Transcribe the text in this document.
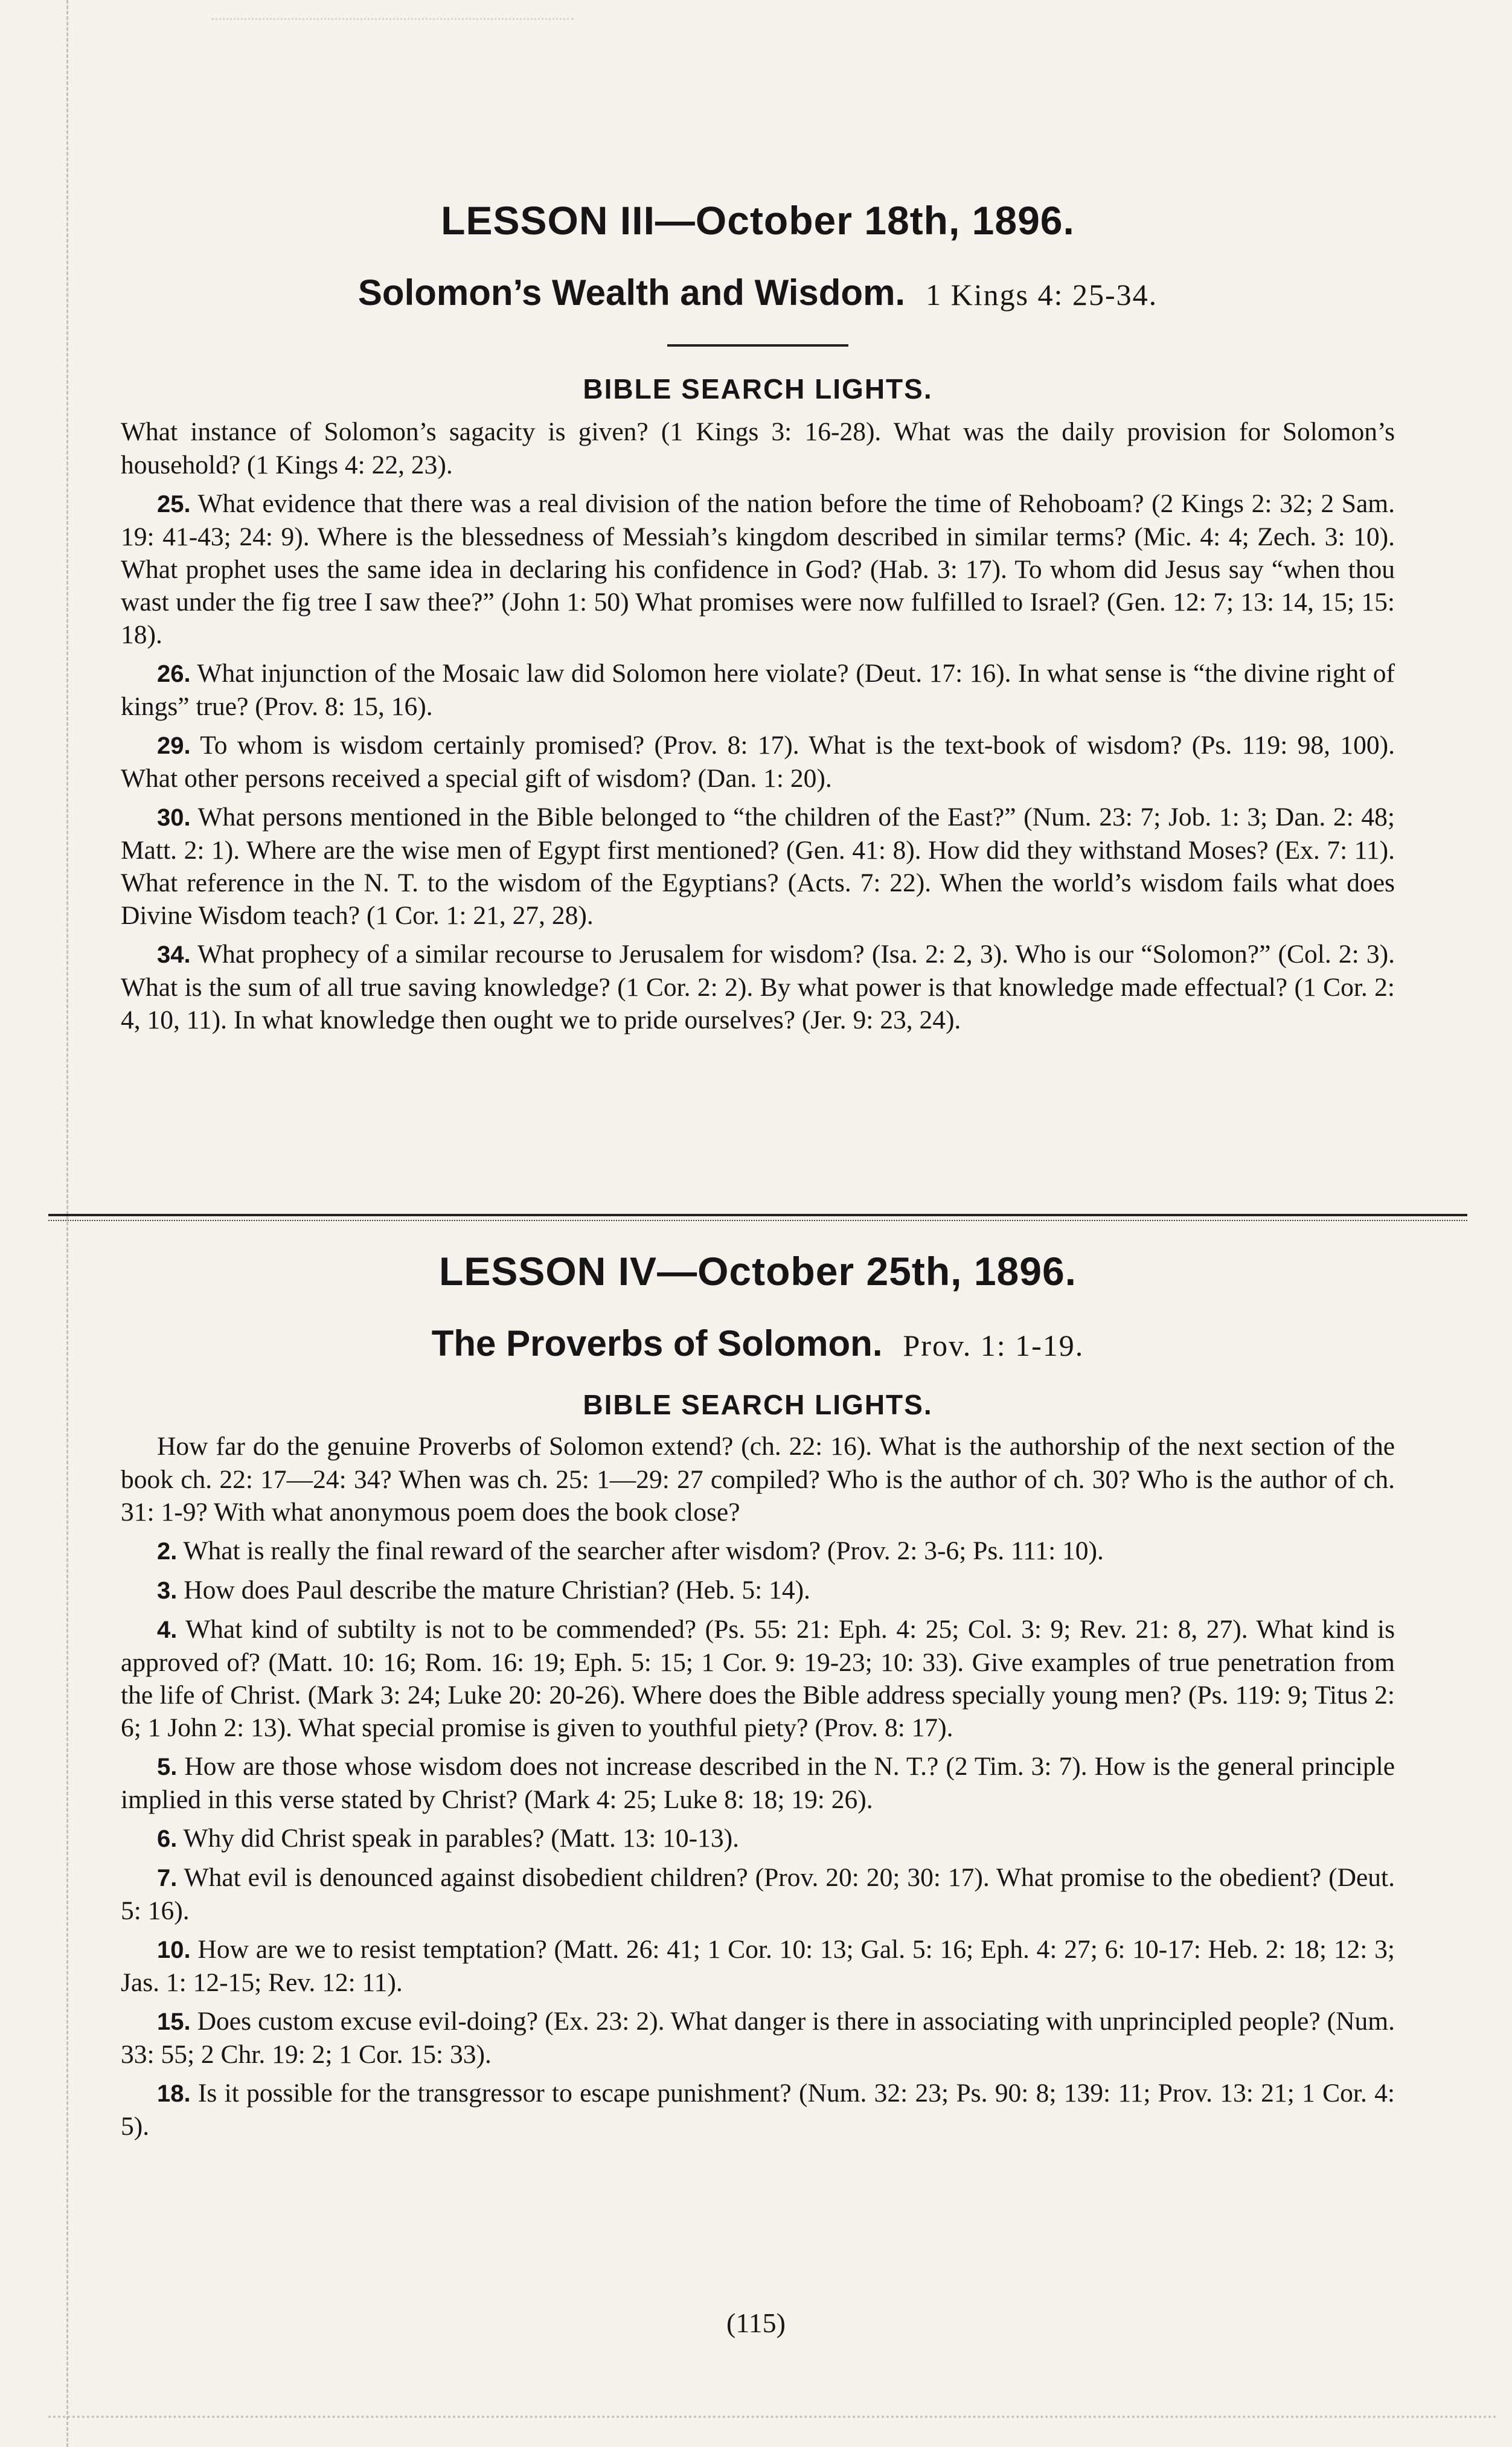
LESSON III—October 18th, 1896.
Solomon’s Wealth and Wisdom. 1 Kings 4: 25-34.
BIBLE SEARCH LIGHTS.

What instance of Solomon’s sagacity is given? (1 Kings 3: 16-28). What was the daily provision for Solomon’s household? (1 Kings 4: 22, 23).

25. What evidence that there was a real division of the nation before the time of Rehoboam? (2 Kings 2: 32; 2 Sam. 19: 41-43; 24: 9). Where is the blessedness of Messiah’s kingdom described in similar terms? (Mic. 4: 4; Zech. 3: 10). What prophet uses the same idea in declaring his confidence in God? (Hab. 3: 17). To whom did Jesus say “when thou wast under the fig tree I saw thee?” (John 1: 50) What promises were now fulfilled to Israel? (Gen. 12: 7; 13: 14, 15; 15: 18).

26. What injunction of the Mosaic law did Solomon here violate? (Deut. 17: 16). In what sense is “the divine right of kings” true? (Prov. 8: 15, 16).

29. To whom is wisdom certainly promised? (Prov. 8: 17). What is the text-book of wisdom? (Ps. 119: 98, 100). What other persons received a special gift of wisdom? (Dan. 1: 20).

30. What persons mentioned in the Bible belonged to “the children of the East?” (Num. 23: 7; Job. 1: 3; Dan. 2: 48; Matt. 2: 1). Where are the wise men of Egypt first mentioned? (Gen. 41: 8). How did they withstand Moses? (Ex. 7: 11). What reference in the N. T. to the wisdom of the Egyptians? (Acts. 7: 22). When the world’s wisdom fails what does Divine Wisdom teach? (1 Cor. 1: 21, 27, 28).

34. What prophecy of a similar recourse to Jerusalem for wisdom? (Isa. 2: 2, 3). Who is our “Solomon?” (Col. 2: 3). What is the sum of all true saving knowledge? (1 Cor. 2: 2). By what power is that knowledge made effectual? (1 Cor. 2: 4, 10, 11). In what knowledge then ought we to pride ourselves? (Jer. 9: 23, 24).

LESSON IV—October 25th, 1896.
The Proverbs of Solomon. Prov. 1: 1-19.
BIBLE SEARCH LIGHTS.

How far do the genuine Proverbs of Solomon extend? (ch. 22: 16). What is the authorship of the next section of the book ch. 22: 17—24: 34? When was ch. 25: 1—29: 27 compiled? Who is the author of ch. 30? Who is the author of ch. 31: 1-9? With what anonymous poem does the book close?

2. What is really the final reward of the searcher after wisdom? (Prov. 2: 3-6; Ps. 111: 10).

3. How does Paul describe the mature Christian? (Heb. 5: 14).

4. What kind of subtilty is not to be commended? (Ps. 55: 21: Eph. 4: 25; Col. 3: 9; Rev. 21: 8, 27). What kind is approved of? (Matt. 10: 16; Rom. 16: 19; Eph. 5: 15; 1 Cor. 9: 19-23; 10: 33). Give examples of true penetration from the life of Christ. (Mark 3: 24; Luke 20: 20-26). Where does the Bible address specially young men? (Ps. 119: 9; Titus 2: 6; 1 John 2: 13). What special promise is given to youthful piety? (Prov. 8: 17).

5. How are those whose wisdom does not increase described in the N. T.? (2 Tim. 3: 7). How is the general principle implied in this verse stated by Christ? (Mark 4: 25; Luke 8: 18; 19: 26).

6. Why did Christ speak in parables? (Matt. 13: 10-13).

7. What evil is denounced against disobedient children? (Prov. 20: 20; 30: 17). What promise to the obedient? (Deut. 5: 16).

10. How are we to resist temptation? (Matt. 26: 41; 1 Cor. 10: 13; Gal. 5: 16; Eph. 4: 27; 6: 10-17: Heb. 2: 18; 12: 3; Jas. 1: 12-15; Rev. 12: 11).

15. Does custom excuse evil-doing? (Ex. 23: 2). What danger is there in associating with unprincipled people? (Num. 33: 55; 2 Chr. 19: 2; 1 Cor. 15: 33).

18. Is it possible for the transgressor to escape punishment? (Num. 32: 23; Ps. 90: 8; 139: 11; Prov. 13: 21; 1 Cor. 4: 5).

(115)
